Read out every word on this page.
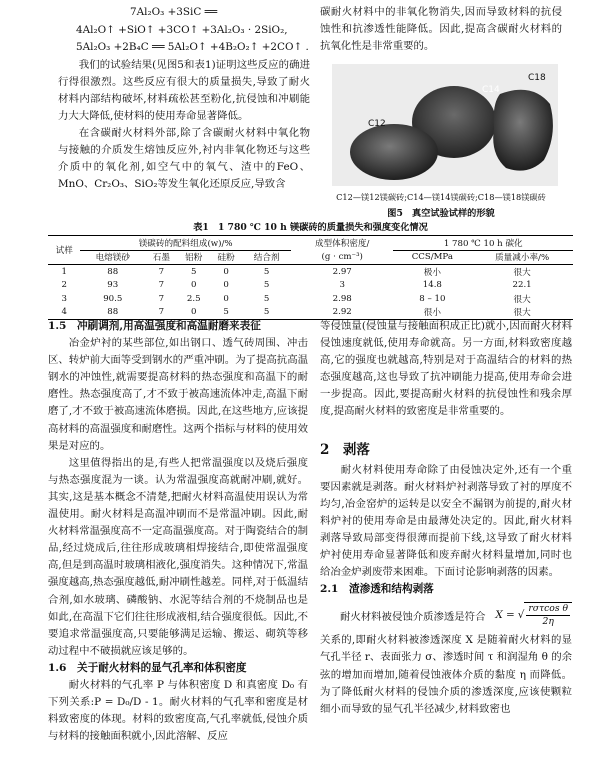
7Al₂O₃ +3SiC ══
4Al₂O↑ +SiO↑ +3CO↑ +3Al₂O₃ · 2SiO₂,
5Al₂O₃ +2B₄C ══ 5Al₂O↑ +4B₂O₂↑ +2CO↑ .

我们的试验结果(见图5和表1)证明这些反应的确进行得很激烈。这些反应有很大的质量损失,导致了耐火材料内部结构破坏,材料疏松甚至粉化,抗侵蚀和冲刷能力大大降低,使材料的使用寿命显著降低。

在含碳耐火材料外部,除了含碳耐火材料中氧化物与接触的介质发生熔蚀反应外,衬内非氧化物还与这些介质中的氧化剂,如空气中的氧气、渣中的FeO、MnO、Cr₂O₃、SiO₂等发生氧化还原反应,导致含

碳耐火材料中的非氧化物消失,因而导致材料的抗侵蚀性和抗渗透性能降低。因此,提高含碳耐火材料的抗氧化性是非常重要的。

C12
C14
C18
C12—镁12镁碳砖;C14—镁14镁碳砖;C18—镁18镁碳砖
图5　真空试验试样的形貌
表1　1 780 ℃ 10 h 镁碳砖的质量损失和强度变化情况
试样	镁碳砖的配料组成(w)/%					成型体积密度/	1 780 ℃ 10 h 碳化	
	电熔镁砂	石墨	铝粉	硅粉	结合剂	(g · cm⁻³)	CCS/MPa	质量减小率/%
1	88	7	5	0	5	2.97	极小	很大
2	93	7	0	0	5	3	14.8	22.1
3	90.5	7	2.5	0	5	2.98	8 – 10	很大
4	88	7	0	5	5	2.92	很小	很大
1.5　冲刷调剂,用高温强度和高温耐磨来表征

冶金炉衬的某些部位,如出钢口、透气砖周围、冲击区、转炉前大面等受到钢水的严重冲刷。为了提高抗高温钢水的冲蚀性,就需要提高材料的热态强度和高温下的耐磨性。热态强度高了,才不致于被高速流体冲走,高温下耐磨了,才不致于被高速流体磨损。因此,在这些地方,应该提高材料的高温强度和耐磨性。这两个指标与材料的使用效果是对应的。

这里值得指出的是,有些人把常温强度以及烧后强度与热态强度混为一谈。认为常温强度高就耐冲刷,就好。其实,这是基本概念不清楚,把耐火材料高温使用误认为常温使用。耐火材料是高温冲刷而不是常温冲刷。因此,耐火材料常温强度高不一定高温强度高。对于陶瓷结合的制品,经过烧成后,往往形成玻璃相焊接结合,即使常温强度高,但是到高温时玻璃相液化,强度消失。这种情况下,常温强度越高,热态强度越低,耐冲刷性越差。同样,对于低温结合剂,如水玻璃、磷酸钠、水泥等结合剂的不烧制品也是如此,在高温下它们往往形成液相,结合强度很低。因此,不要追求常温强度高,只要能够满足运输、搬运、砌筑等移动过程中不破损就应该足够的。

1.6　关于耐火材料的显气孔率和体积密度

耐火材料的气孔率 P 与体积密度 D 和真密度 D₀ 有下列关系:P = D₀/D - 1。耐火材料的气孔率和密度是材料致密度的体现。材料的致密度高,气孔率就低,侵蚀介质与材料的接触面积就小,因此溶解、反应

等侵蚀量(侵蚀量与接触面积成正比)就小,因而耐火材料侵蚀速度就低,使用寿命就高。另一方面,材料致密度越高,它的强度也就越高,特别是对于高温结合的材料的热态强度越高,这也导致了抗冲刷能力提高,使用寿命会进一步提高。因此,要提高耐火材料的抗侵蚀性和残余厚度,提高耐火材料的致密度是非常重要的。

2　剥落

耐火材料使用寿命除了由侵蚀决定外,还有一个重要因素就是剥落。耐火材料炉衬剥落导致了衬的厚度不均匀,冶金窑炉的运转是以安全不漏钢为前提的,耐火材料炉衬的使用寿命是由最薄处决定的。因此,耐火材料剥落导致局部变得很薄而提前下线,这导致了耐火材料炉衬使用寿命显著降低和废弃耐火材料量增加,同时也给冶金炉剥废带来困难。下面讨论影响剥落的因素。

2.1　渣渗透和结构剥落
耐火材料被侵蚀介质渗透是符合 X = √ $\frac{\text{rστcos θ}}{2\eta}$

关系的,即耐火材料被渗透深度 X 是随着耐火材料的显气孔半径 r、表面张力 σ、渗透时间 τ 和润湿角 θ 的余弦的增加而增加,随着侵蚀液体介质的黏度 η 而降低。为了降低耐火材料的侵蚀介质的渗透深度,应该使颗粒细小而导致的显气孔半径减少,材料致密也
